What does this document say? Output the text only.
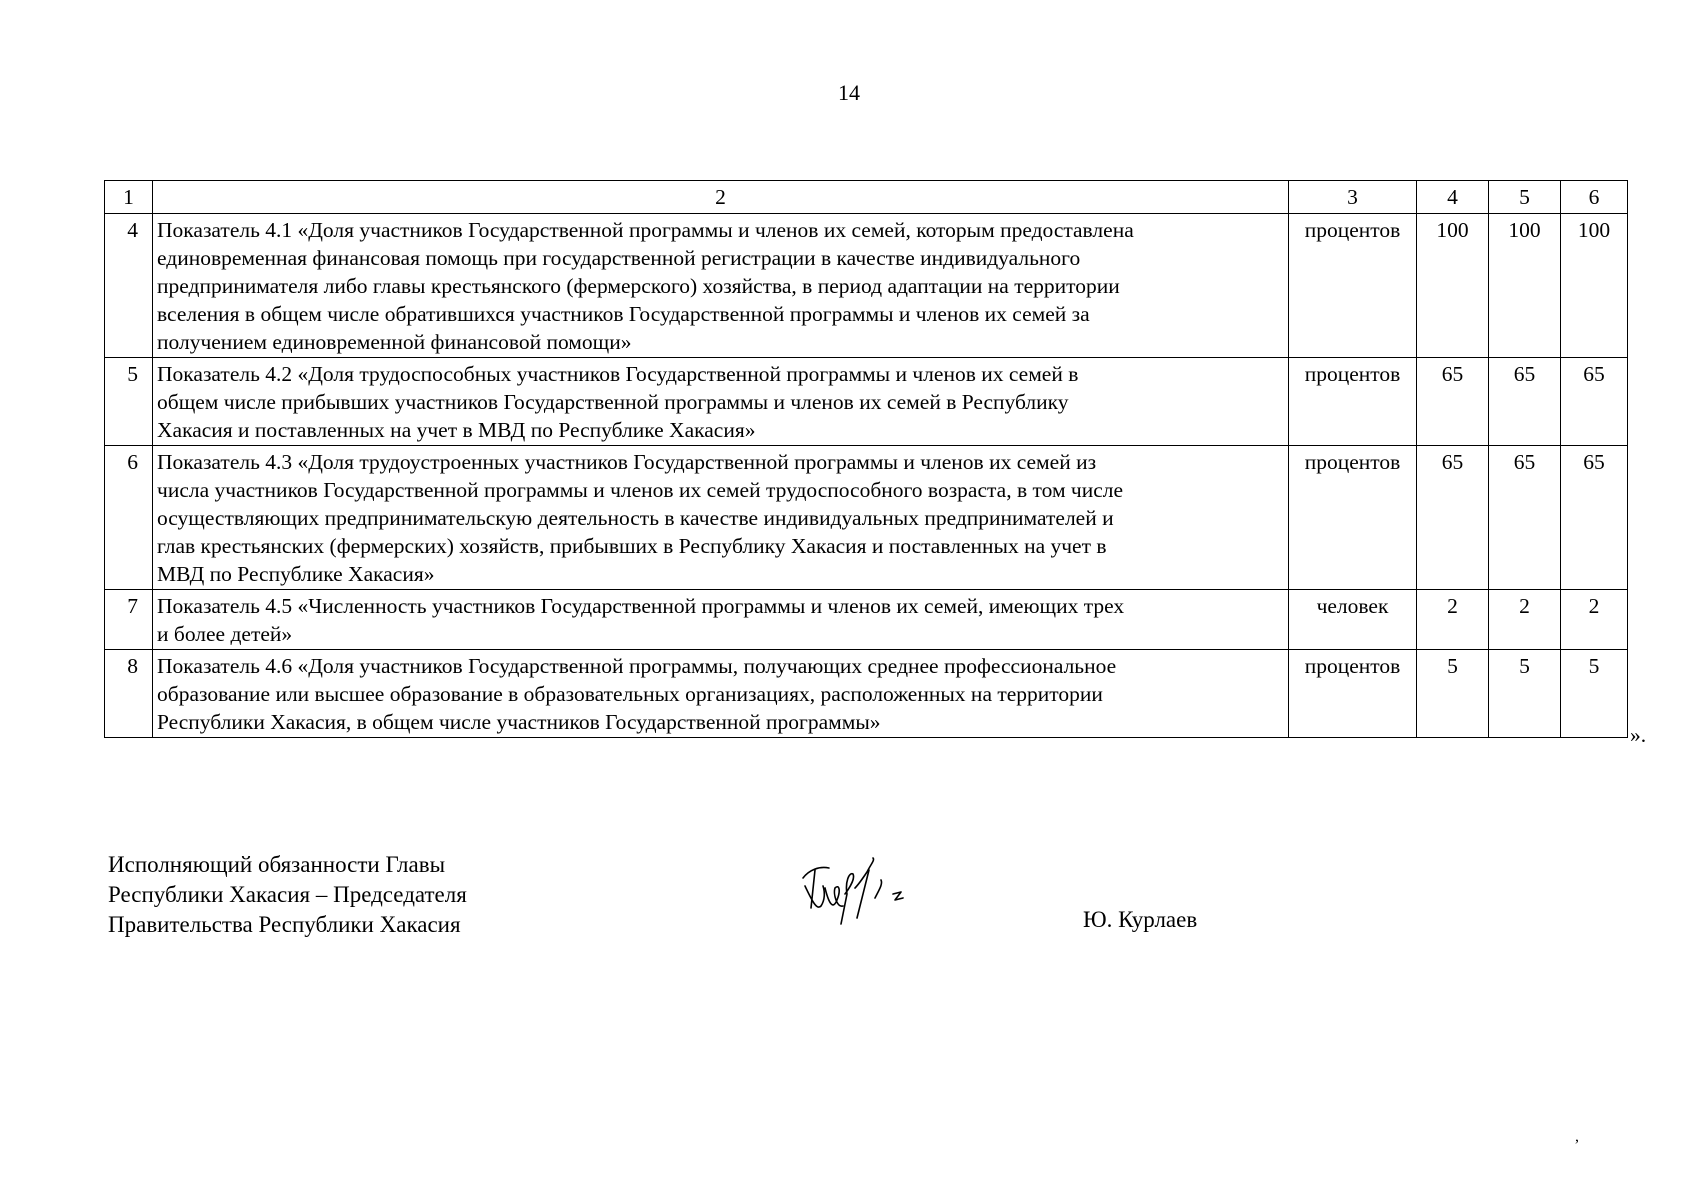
14
1	2	3	4	5	6
4	Показатель 4.1 «Доля участников Государственной программы и членов их семей, которым предоставлена
единовременная финансовая помощь при государственной регистрации в качестве индивидуального
предпринимателя либо главы крестьянского (фермерского) хозяйства, в период адаптации на территории
вселения в общем числе обратившихся участников Государственной программы и членов их семей за
получением единовременной финансовой помощи»	процентов	100	100	100
5	Показатель 4.2 «Доля трудоспособных участников Государственной программы и членов их семей в
общем числе прибывших участников Государственной программы и членов их семей в Республику
Хакасия и поставленных на учет в МВД по Республике Хакасия»	процентов	65	65	65
6	Показатель 4.3 «Доля трудоустроенных участников Государственной программы и членов их семей из
числа участников Государственной программы и членов их семей трудоспособного возраста, в том числе
осуществляющих предпринимательскую деятельность в качестве индивидуальных предпринимателей и
глав крестьянских (фермерских) хозяйств, прибывших в Республику Хакасия и поставленных на учет в
МВД по Республике Хакасия»	процентов	65	65	65
7	Показатель 4.5 «Численность участников Государственной программы и членов их семей, имеющих трех
и более детей»	человек	2	2	2
8	Показатель 4.6 «Доля участников Государственной программы, получающих среднее профессиональное
образование или высшее образование в образовательных организациях, расположенных на территории
Республики Хакасия, в общем числе участников Государственной программы»	процентов	5	5	5
».
Исполняющий обязанности Главы
Республики Хакасия – Председателя
Правительства Республики Хакасия	Ю. Курлаев
,
